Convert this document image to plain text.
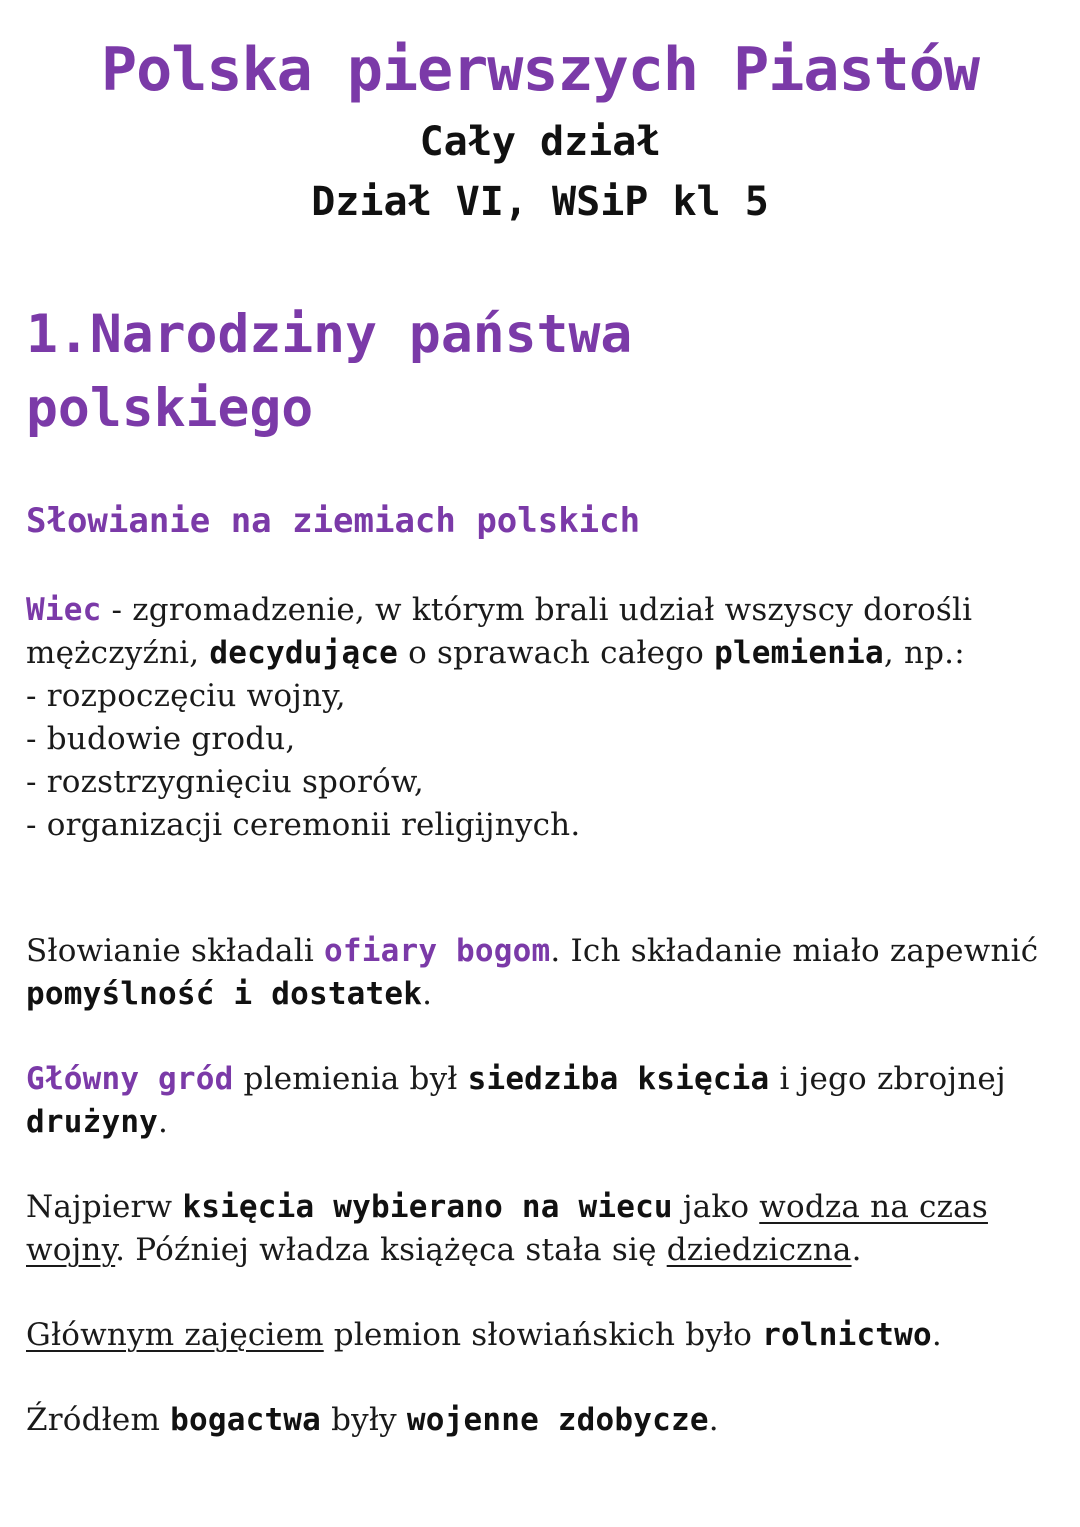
Polska pierwszych Piastów
Cały dział
Dział VI, WSiP kl 5
1.Narodziny państwa
polskiego
Słowianie na ziemiach polskich

Wiec - zgromadzenie, w którym brali udział wszyscy dorośli mężczyźni, decydujące o sprawach całego plemienia, np.:
- rozpoczęciu wojny,
- budowie grodu,
- rozstrzygnięciu sporów,
- organizacji ceremonii religijnych.

Słowianie składali ofiary bogom. Ich składanie miało zapewnić pomyślność i dostatek.

Główny gród plemienia był siedziba księcia i jego zbrojnej drużyny.

Najpierw księcia wybierano na wiecu jako wodza na czas wojny. Później władza książęca stała się dziedziczna.

Głównym zajęciem plemion słowiańskich było rolnictwo.

Źródłem bogactwa były wojenne zdobycze.
